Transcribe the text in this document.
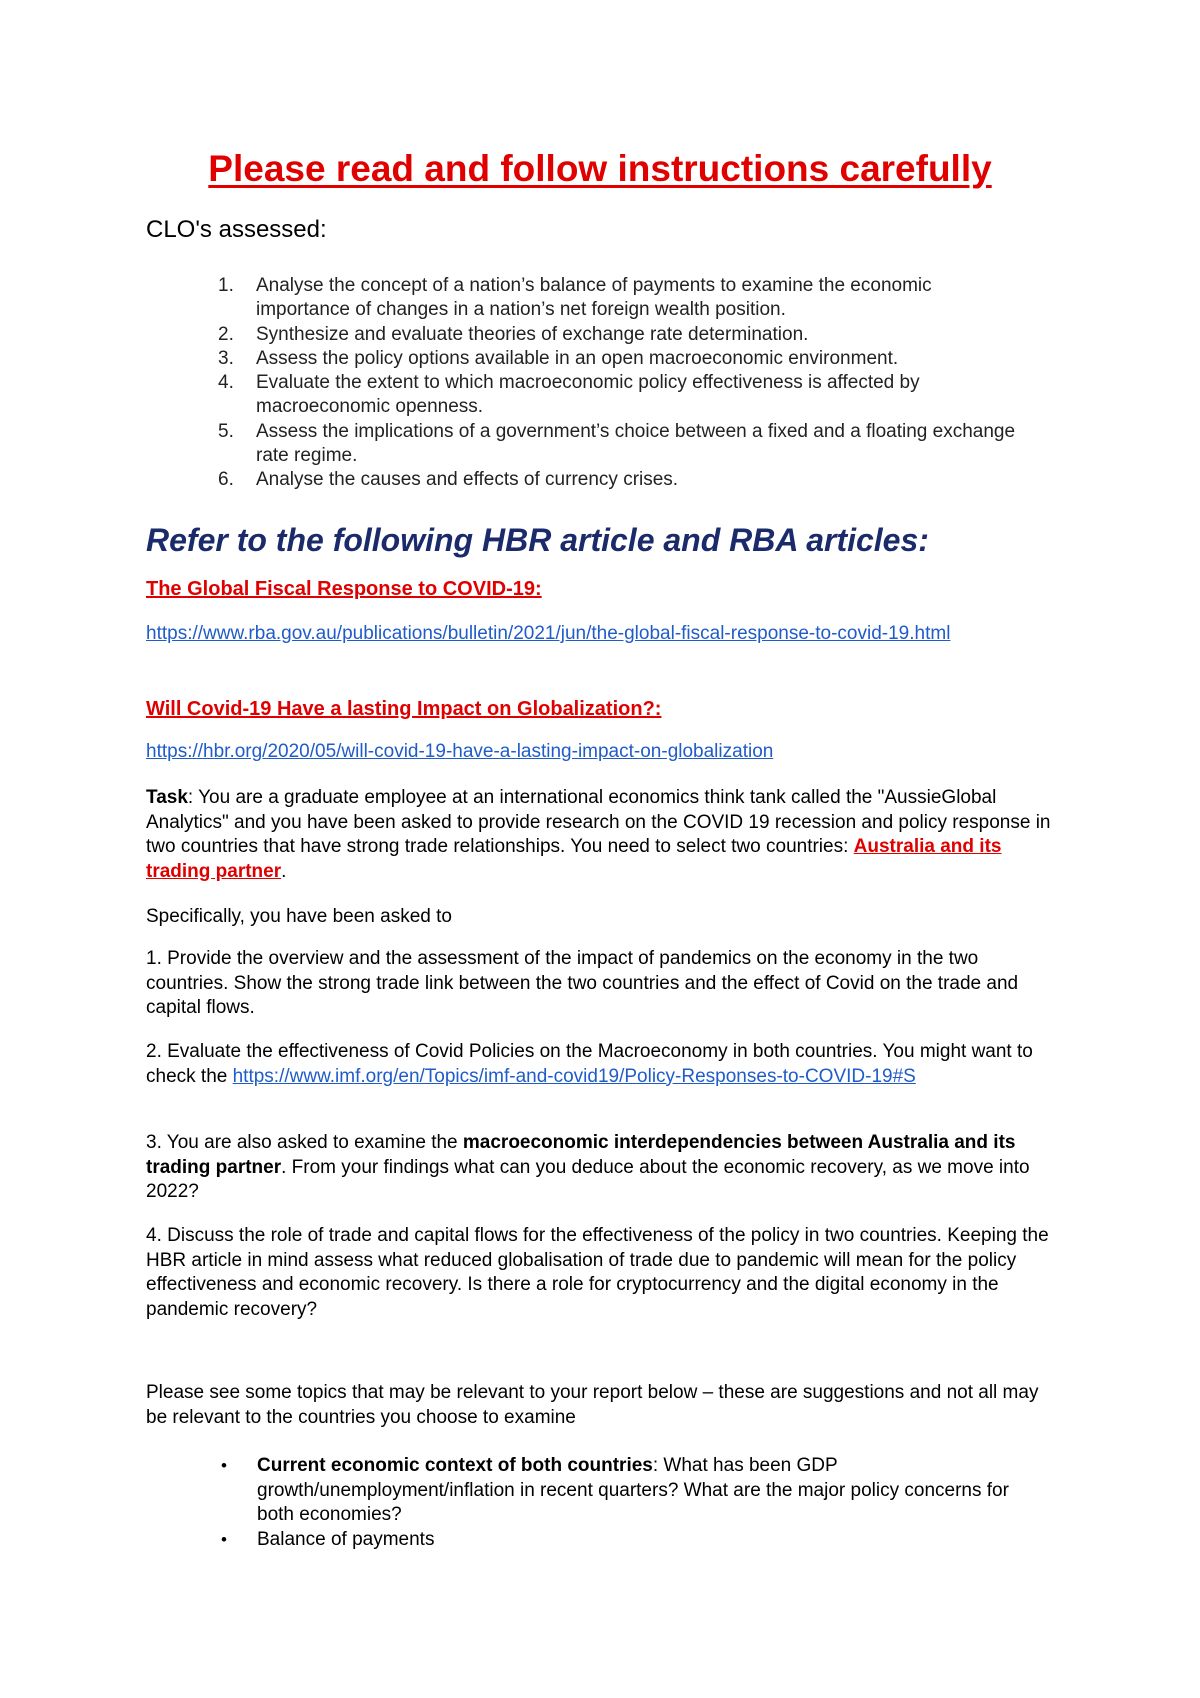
Please read and follow instructions carefully

CLO's assessed:

1. Analyse the concept of a nation’s balance of payments to examine the economic importance of changes in a nation’s net foreign wealth position.
2. Synthesize and evaluate theories of exchange rate determination.
3. Assess the policy options available in an open macroeconomic environment.
4. Evaluate the extent to which macroeconomic policy effectiveness is affected by macroeconomic openness.
5. Assess the implications of a government’s choice between a fixed and a floating exchange rate regime.
6. Analyse the causes and effects of currency crises.
Refer to the following HBR article and RBA articles:

The Global Fiscal Response to COVID-19:

https://www.rba.gov.au/publications/bulletin/2021/jun/the-global-fiscal-response-to-covid-19.html

Will Covid-19 Have a lasting Impact on Globalization?:

https://hbr.org/2020/05/will-covid-19-have-a-lasting-impact-on-globalization

Task: You are a graduate employee at an international economics think tank called the "AussieGlobal Analytics" and you have been asked to provide research on the COVID 19 recession and policy response in two countries that have strong trade relationships. You need to select two countries: Australia and its trading partner.

Specifically, you have been asked to

1. Provide the overview and the assessment of the impact of pandemics on the economy in the two countries. Show the strong trade link between the two countries and the effect of Covid on the trade and capital flows.

2. Evaluate the effectiveness of Covid Policies on the Macroeconomy in both countries. You might want to check the https://www.imf.org/en/Topics/imf-and-covid19/Policy-Responses-to-COVID-19#S

3. You are also asked to examine the macroeconomic interdependencies between Australia and its trading partner. From your findings what can you deduce about the economic recovery, as we move into 2022?

4. Discuss the role of trade and capital flows for the effectiveness of the policy in two countries. Keeping the HBR article in mind assess what reduced globalisation of trade due to pandemic will mean for the policy effectiveness and economic recovery. Is there a role for cryptocurrency and the digital economy in the pandemic recovery?

Please see some topics that may be relevant to your report below – these are suggestions and not all may be relevant to the countries you choose to examine

• Current economic context of both countries: What has been GDP growth/unemployment/inflation in recent quarters? What are the major policy concerns for both economies?
• Balance of payments
